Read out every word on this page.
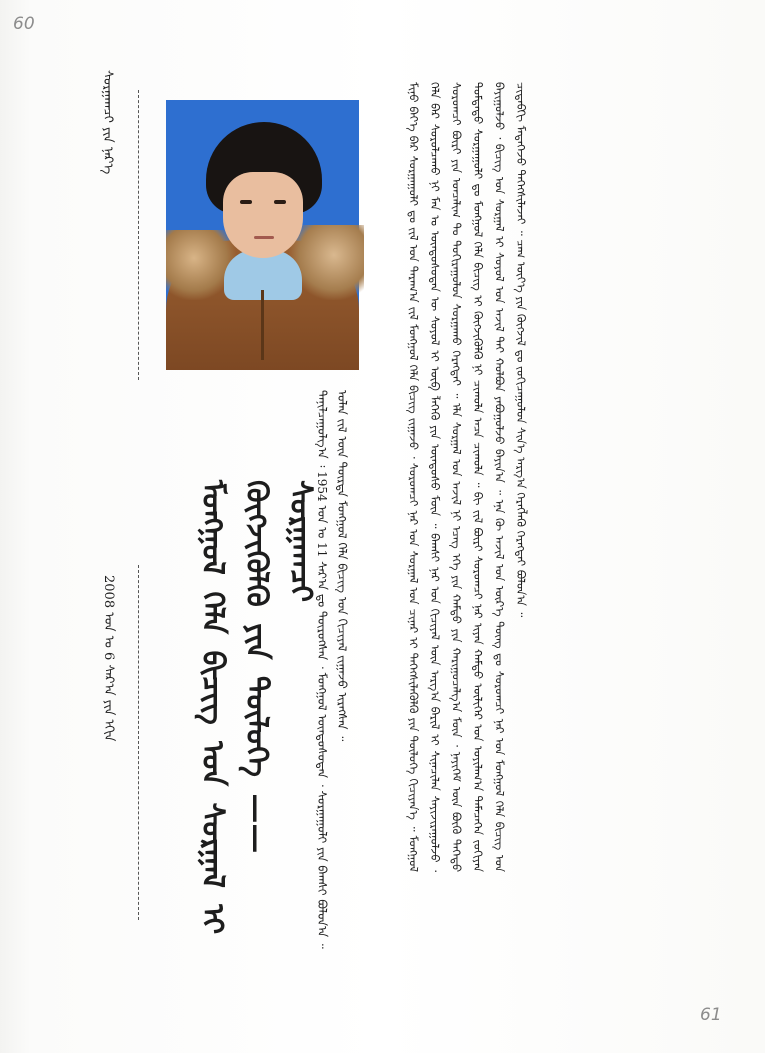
60
61
ᠰᠤᠷᠭᠠᠭᠴᠢ ᠶᠢᠨ ᠨᠡᠷ᠎ᠡ
2008 ᠣᠨ ᠤ 6 ᠰᠠᠷ᠎ᠠ ᠶᠢᠨ ᠡᠬᠢᠨ	ᠮᠣᠩᠭᠣᠯ ᠬᠡᠯᠡ ᠪᠢᠴᠢᠭ ᠤᠨ ᠰᠤᠷᠭᠠᠯ ᠢ ᠬᠥᠭᠵᠢᠭᠦᠯᠬᠦ ᠶᠢᠨ ᠲᠥᠯᠦᠭᠡ —— ᠰᠤᠷᠭᠠᠭᠴᠢ
ᠲᠠᠨᠢᠯᠴᠠᠭᠤᠯᠭ᠎ᠠ ᠄ 1954 ᠣᠨ ᠤ 11 ᠰᠠᠷ᠎ᠠ ᠳᠤ ᠲᠥᠷᠥᠭᠰᠡᠨ ᠂ ᠮᠣᠩᠭᠣᠯ ᠦᠨᠳᠦᠰᠦᠲᠡᠨ ᠂ ᠰᠤᠷᠭᠠᠭᠤᠯᠢ ᠶᠢᠨ ᠪᠠᠭᠰᠢ ᠪᠣᠯᠤᠨ᠎ᠠ ᠃ ᠣᠯᠠᠨ ᠵᠢᠯ ᠦᠨ ᠲᠥᠷᠲᠡ ᠮᠣᠩᠭᠣᠯ ᠬᠡᠯᠡ ᠪᠢᠴᠢᠭ ᠤᠨ ᠬᠢᠴᠢᠶᠡᠯ ᠵᠢᠭᠠᠵᠤ ᠢᠷᠡᠭᠰᠡᠨ ᠃	ᠮᠢᠨᠤ ᠪᠡᠶ᠎ᠡ ᠪᠡᠷ ᠰᠤᠷᠭᠠᠭᠤᠯᠢ ᠳᠤ ᠵᠢᠯ ᠤᠨ ᠳᠠᠷᠠᠭ᠎ᠠ ᠵᠢᠯ ᠮᠣᠩᠭᠣᠯ ᠬᠡᠯᠡ ᠪᠢᠴᠢᠭ ᠵᠢᠭᠠᠵᠤ ᠂ ᠰᠤᠷᠤᠭᠴᠢ ᠨᠠᠷ ᠤᠨ ᠰᠤᠷᠭᠠᠯ ᠤᠨ ᠴᠢᠨᠠᠷ ᠢ ᠳᠡᠭᠡᠭᠰᠢᠯᠡᠭᠦᠯᠬᠦ ᠶᠢᠨ ᠲᠥᠯᠦᠭᠡ ᠬᠢᠴᠢᠶᠡᠨ᠎ᠡ ᠃ ᠮᠣᠩᠭᠣᠯ ᠬᠡᠯᠡ ᠪᠡᠷ ᠰᠤᠷᠤᠯᠴᠠᠬᠤ ᠨᠢ ᠮᠠᠨ ᠤ ᠦᠨᠳᠦᠰᠦᠲᠡᠨ ᠦ ᠰᠣᠶᠤᠯ ᠢ ᠥᠪ ᠯᠡᠭᠡᠬᠦ ᠶᠢᠨ ᠦᠨᠳᠦᠰᠦ ᠮᠥᠨ ᠃ ᠪᠠᠭᠰᠢ ᠨᠠᠷ ᠤᠨ ᠬᠢᠴᠢᠶᠡᠯ ᠦᠨ ᠠᠷᠭ᠎ᠠ ᠪᠠᠷᠢᠯ ᠢ ᠰᠢᠨᠡᠴᠢᠯᠡᠨ ᠰᠠᠶᠢᠵᠢᠷᠠᠭᠤᠯᠵᠤ ᠂ ᠰᠤᠷᠤᠭᠴᠢ ᠪᠦᠷᠢ ᠶᠢᠨ ᠣᠨᠴᠠᠯᠢᠭ ᠲᠤ ᠲᠣᠬᠢᠷᠠᠭᠤᠯᠤᠨ ᠰᠤᠷᠭᠠᠬᠤ ᠬᠡᠷᠡᠭᠲᠡᠢ ᠃ ᠡᠯᠡ ᠰᠤᠷᠭᠠᠯ ᠤᠨ ᠠᠵᠢᠯ ᠨᠢ ᠡᠴᠡᠭ ᠡᠬᠡ ᠶᠢᠨ ᠬᠠᠮᠲᠤ ᠶᠢᠨ ᠬᠠᠷᠢᠭᠤᠴᠠᠯᠭ᠎ᠠ ᠮᠥᠨ ᠂ ᠨᠡᠶᠢᠭᠡᠮ ᠦᠨ ᠪᠦᠬᠦ ᠳᠡᠭᠡᠳᠦ ᠳᠤᠮᠳᠠᠳᠤ ᠰᠤᠷᠭᠠᠭᠤᠯᠢ ᠳᠤ ᠮᠣᠩᠭᠣᠯ ᠬᠡᠯᠡ ᠪᠢᠴᠢᠭ ᠢ ᠬᠥᠭᠵᠢᠭᠦᠯᠬᠦ ᠨᠢ ᠴᠢᠬᠤᠯᠠ ᠠᠴᠠ ᠴᠢᠬᠤᠯᠠ ᠃ ᠪᠢ ᠵᠢᠯ ᠪᠦᠷᠢ ᠰᠤᠷᠤᠭᠴᠢ ᠨᠠᠷ ᠢᠶᠠᠨ ᠬᠠᠮᠲᠤ ᠦᠯᠢᠭᠡᠷ ᠤᠨ ᠣᠶᠢᠯᠠᠭ᠎ᠠ ᠲᠡᠮᠡᠴᠡᠭᠡᠨ ᠵᠣᠬᠢᠶᠠᠨ ᠪᠠᠶᠢᠭᠤᠯᠵᠤ ᠂ ᠪᠢᠴᠢᠭ ᠤᠨ ᠰᠤᠷᠭᠠᠯ ᠢ ᠰᠣᠶᠤᠯ ᠤᠨ ᠠᠵᠢᠯ ᠲᠠᠢ ᠬᠣᠯᠪᠤᠨ ᠶᠠᠪᠤᠭᠤᠯᠵᠤ ᠪᠠᠶᠢᠨ᠎ᠠ ᠃ ᠡᠨᠡ ᠬᠦ ᠠᠵᠢᠯ ᠤᠨ ᠦᠷ᠎ᠡ ᠳᠦᠩ ᠳᠤ ᠰᠤᠷᠤᠭᠴᠢ ᠨᠠᠷ ᠤᠨ ᠮᠣᠩᠭᠣᠯ ᠬᠡᠯᠡ ᠪᠢᠴᠢᠭ ᠤᠨ ᠴᠢᠳᠠᠪᠬᠢ ᠮᠡᠳᠡᠭᠡᠵᠦ ᠳᠡᠭᠡᠭᠰᠢᠯᠡᠵᠡᠢ ᠃ ᠴᠠᠭ ᠦᠶ᠎ᠡ ᠶᠢᠨ ᠬᠥᠭᠵᠢᠯ ᠳᠤ ᠵᠣᠬᠢᠴᠠᠭᠤᠯᠤᠨ ᠰᠢᠨ᠎ᠡ ᠠᠷᠭ᠎ᠠ ᠬᠡᠷᠡᠭᠯᠡᠬᠦ ᠬᠡᠷᠡᠭᠲᠡᠢ ᠪᠣᠯᠤᠨ᠎ᠠ ᠃
